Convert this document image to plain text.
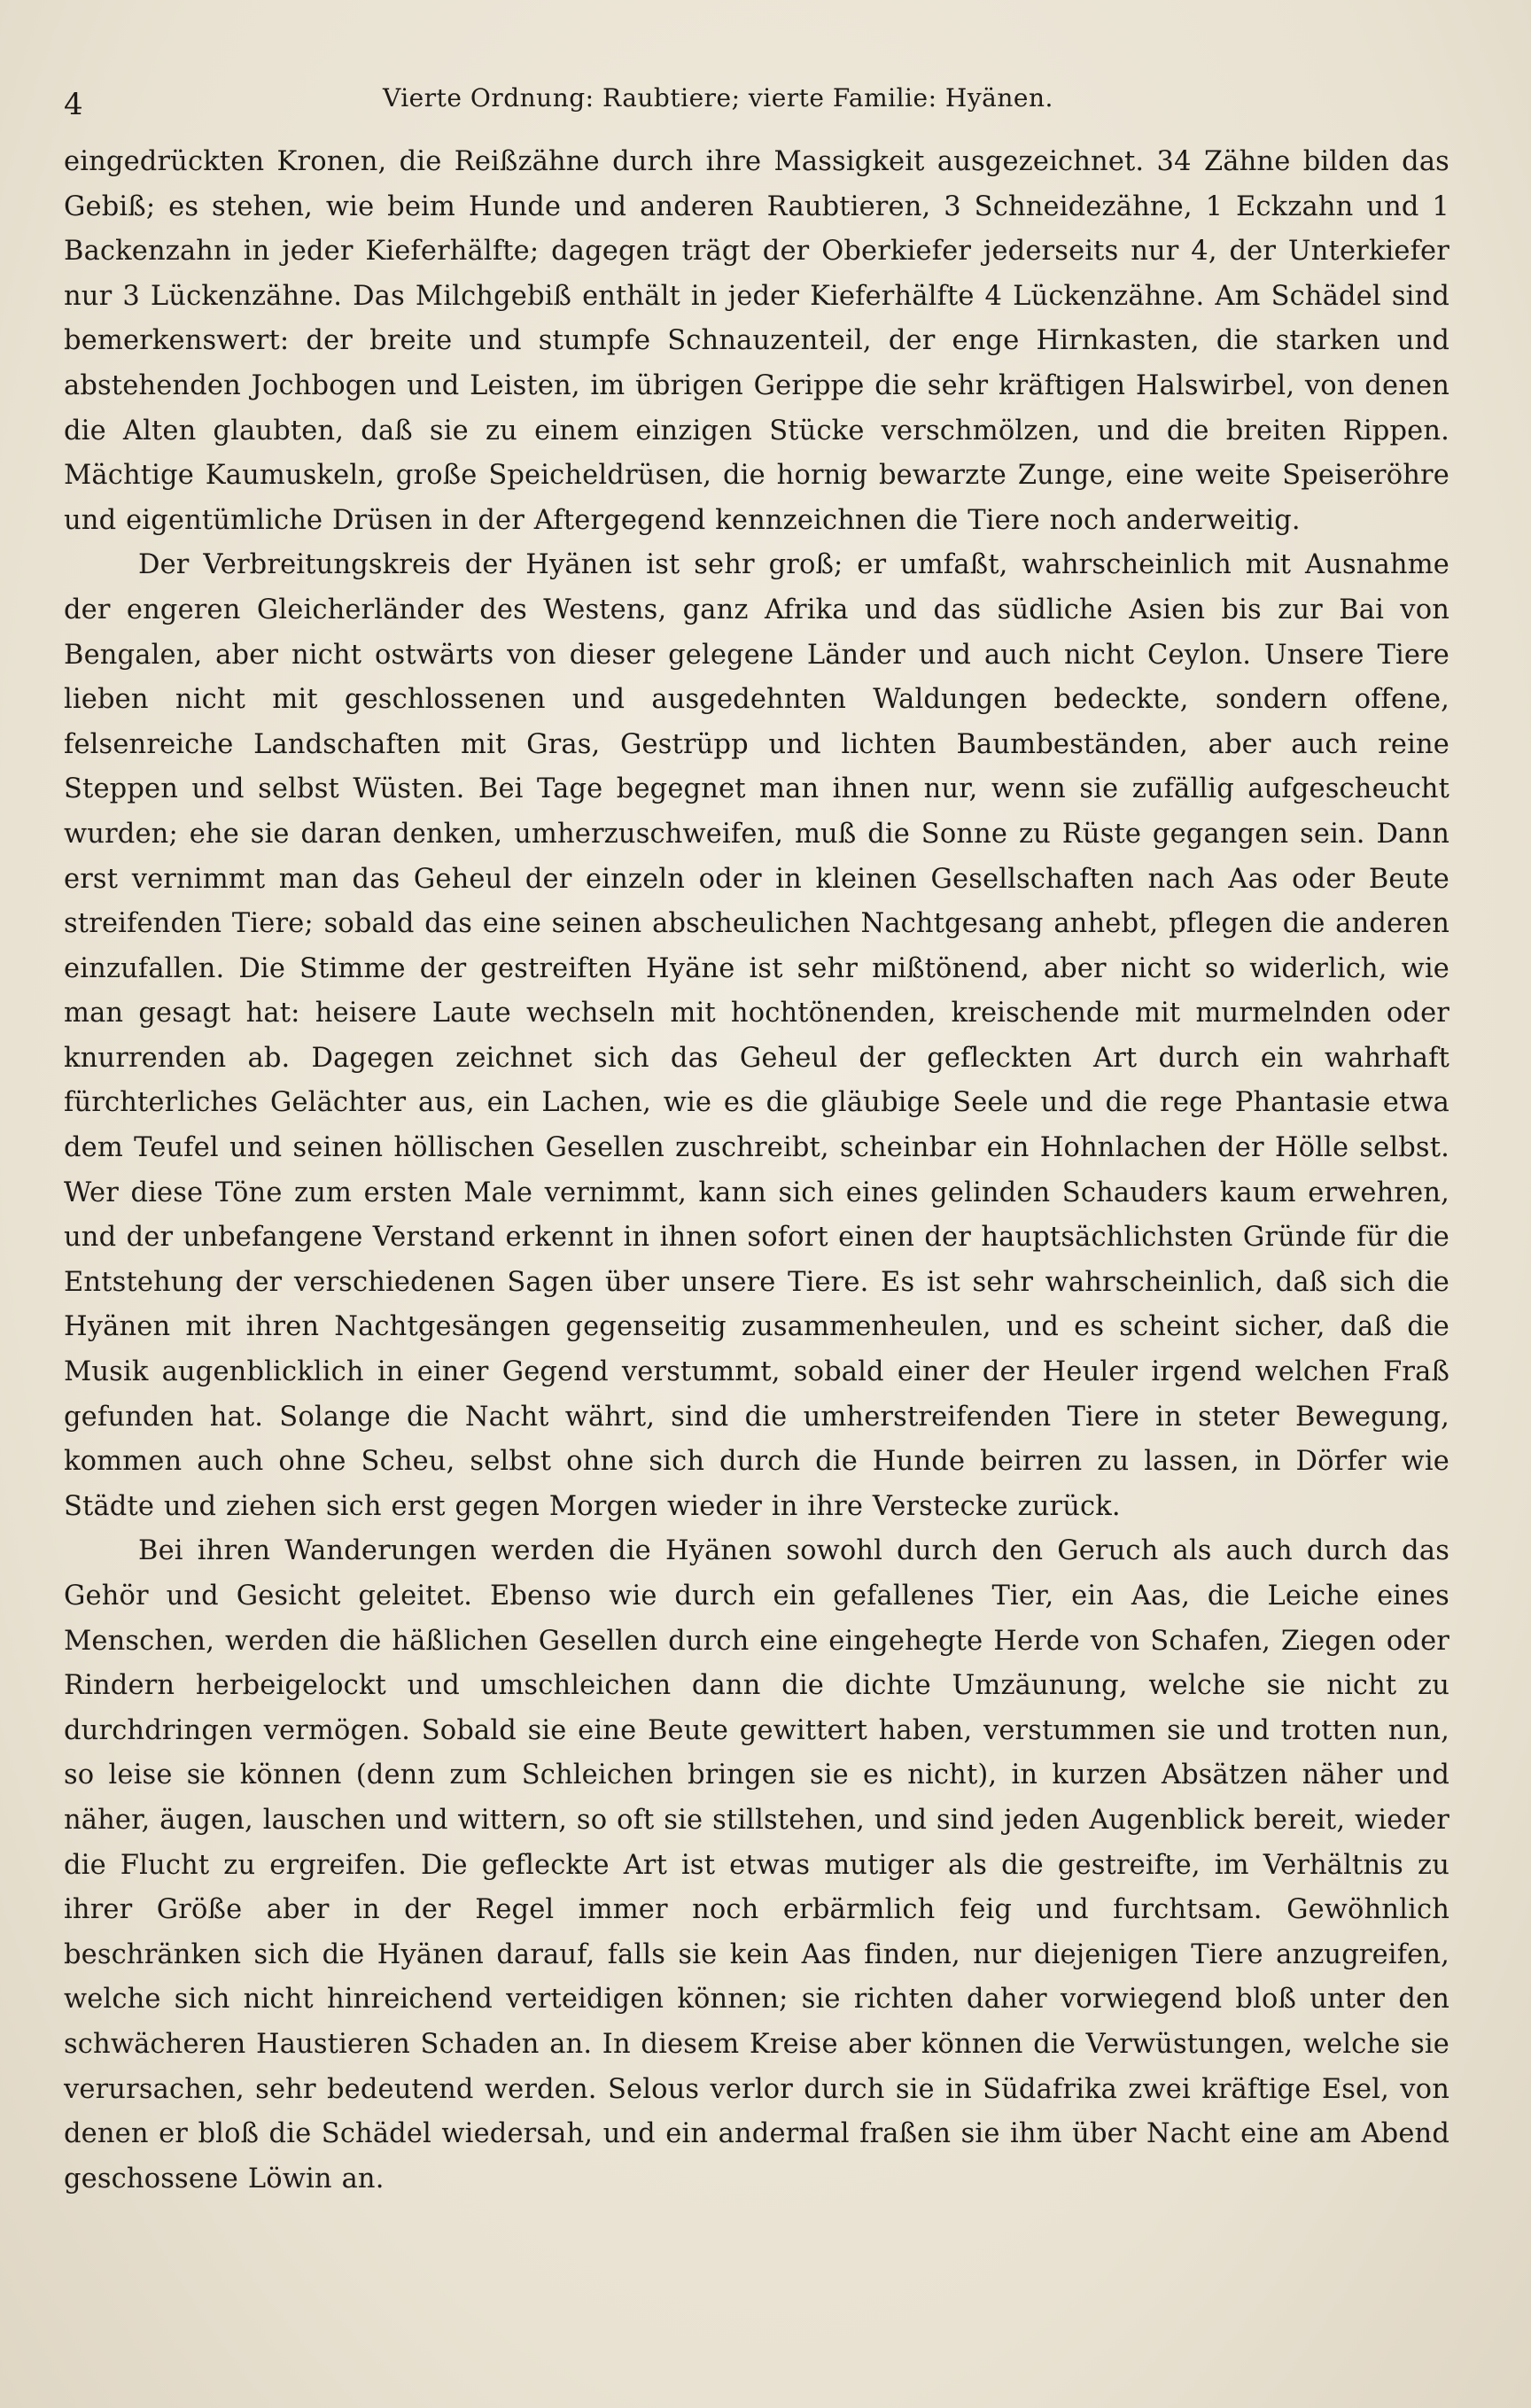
4	Vierte Ordnung: Raubtiere; vierte Familie: Hyänen.

eingedrückten Kronen, die Reißzähne durch ihre Massigkeit ausgezeichnet. 34 Zähne bilden das Gebiß; es stehen, wie beim Hunde und anderen Raubtieren, 3 Schneidezähne, 1 Eckzahn und 1 Backenzahn in jeder Kieferhälfte; dagegen trägt der Oberkiefer jederseits nur 4, der Unterkiefer nur 3 Lückenzähne. Das Milchgebiß enthält in jeder Kieferhälfte 4 Lückenzähne. Am Schädel sind bemerkenswert: der breite und stumpfe Schnauzenteil, der enge Hirnkasten, die starken und abstehenden Jochbogen und Leisten, im übrigen Gerippe die sehr kräftigen Halswirbel, von denen die Alten glaubten, daß sie zu einem einzigen Stücke verschmölzen, und die breiten Rippen. Mächtige Kaumuskeln, große Speicheldrüsen, die hornig bewarzte Zunge, eine weite Speiseröhre und eigentümliche Drüsen in der Aftergegend kennzeichnen die Tiere noch anderweitig.

Der Verbreitungskreis der Hyänen ist sehr groß; er umfaßt, wahrscheinlich mit Ausnahme der engeren Gleicherländer des Westens, ganz Afrika und das südliche Asien bis zur Bai von Bengalen, aber nicht ostwärts von dieser gelegene Länder und auch nicht Ceylon. Unsere Tiere lieben nicht mit geschlossenen und ausgedehnten Waldungen bedeckte, sondern offene, felsenreiche Landschaften mit Gras, Gestrüpp und lichten Baumbeständen, aber auch reine Steppen und selbst Wüsten. Bei Tage begegnet man ihnen nur, wenn sie zufällig aufgescheucht wurden; ehe sie daran denken, umherzuschweifen, muß die Sonne zu Rüste gegangen sein. Dann erst vernimmt man das Geheul der einzeln oder in kleinen Gesellschaften nach Aas oder Beute streifenden Tiere; sobald das eine seinen abscheulichen Nachtgesang anhebt, pflegen die anderen einzufallen. Die Stimme der gestreiften Hyäne ist sehr mißtönend, aber nicht so widerlich, wie man gesagt hat: heisere Laute wechseln mit hochtönenden, kreischende mit murmelnden oder knurrenden ab. Dagegen zeichnet sich das Geheul der gefleckten Art durch ein wahrhaft fürchterliches Gelächter aus, ein Lachen, wie es die gläubige Seele und die rege Phantasie etwa dem Teufel und seinen höllischen Gesellen zuschreibt, scheinbar ein Hohnlachen der Hölle selbst. Wer diese Töne zum ersten Male vernimmt, kann sich eines gelinden Schauders kaum erwehren, und der unbefangene Verstand erkennt in ihnen sofort einen der hauptsächlichsten Gründe für die Entstehung der verschiedenen Sagen über unsere Tiere. Es ist sehr wahrscheinlich, daß sich die Hyänen mit ihren Nachtgesängen gegenseitig zusammenheulen, und es scheint sicher, daß die Musik augenblicklich in einer Gegend verstummt, sobald einer der Heuler irgend welchen Fraß gefunden hat. Solange die Nacht währt, sind die umherstreifenden Tiere in steter Bewegung, kommen auch ohne Scheu, selbst ohne sich durch die Hunde beirren zu lassen, in Dörfer wie Städte und ziehen sich erst gegen Morgen wieder in ihre Verstecke zurück.

Bei ihren Wanderungen werden die Hyänen sowohl durch den Geruch als auch durch das Gehör und Gesicht geleitet. Ebenso wie durch ein gefallenes Tier, ein Aas, die Leiche eines Menschen, werden die häßlichen Gesellen durch eine eingehegte Herde von Schafen, Ziegen oder Rindern herbeigelockt und umschleichen dann die dichte Umzäunung, welche sie nicht zu durchdringen vermögen. Sobald sie eine Beute gewittert haben, verstummen sie und trotten nun, so leise sie können (denn zum Schleichen bringen sie es nicht), in kurzen Absätzen näher und näher, äugen, lauschen und wittern, so oft sie stillstehen, und sind jeden Augenblick bereit, wieder die Flucht zu ergreifen. Die gefleckte Art ist etwas mutiger als die gestreifte, im Verhältnis zu ihrer Größe aber in der Regel immer noch erbärmlich feig und furchtsam. Gewöhnlich beschränken sich die Hyänen darauf, falls sie kein Aas finden, nur diejenigen Tiere anzugreifen, welche sich nicht hinreichend verteidigen können; sie richten daher vorwiegend bloß unter den schwächeren Haustieren Schaden an. In diesem Kreise aber können die Verwüstungen, welche sie verursachen, sehr bedeutend werden. Selous verlor durch sie in Südafrika zwei kräftige Esel, von denen er bloß die Schädel wiedersah, und ein andermal fraßen sie ihm über Nacht eine am Abend geschossene Löwin an.
